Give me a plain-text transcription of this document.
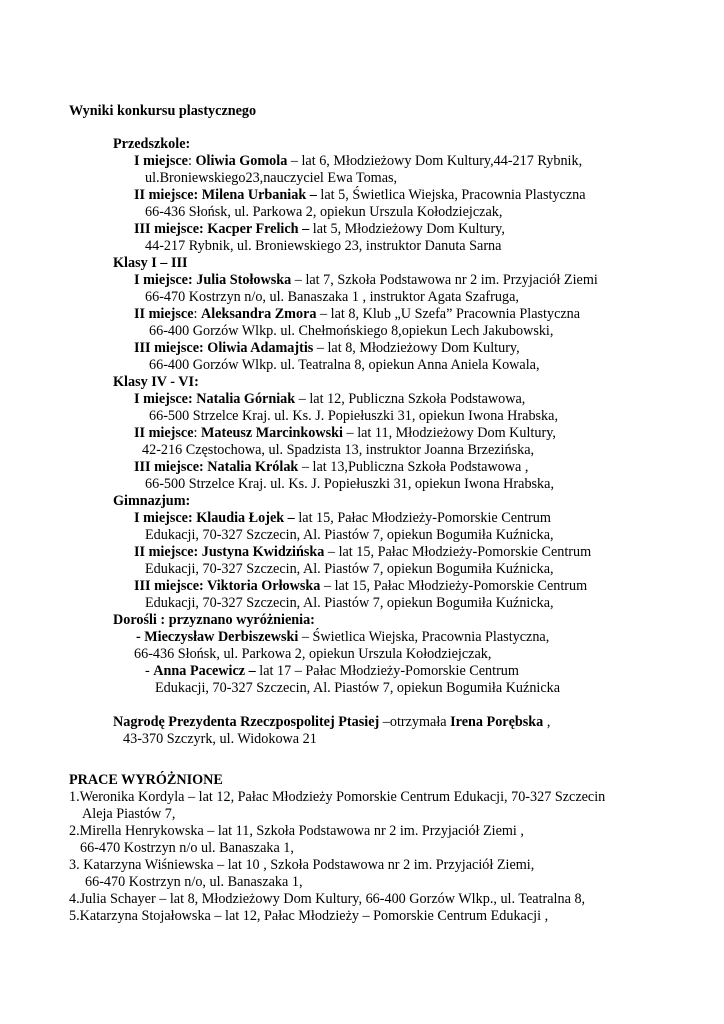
Wyniki konkursu plastycznego
Przedszkole:
I miejsce: Oliwia Gomola – lat 6, Młodzieżowy Dom Kultury,44-217 Rybnik,
ul.Broniewskiego23,nauczyciel Ewa Tomas,
II miejsce: Milena Urbaniak – lat 5, Świetlica Wiejska, Pracownia Plastyczna
66-436 Słońsk, ul. Parkowa 2, opiekun Urszula Kołodziejczak,
III miejsce: Kacper Frelich – lat 5, Młodzieżowy Dom Kultury,
44-217 Rybnik, ul. Broniewskiego 23, instruktor Danuta Sarna
Klasy I – III
I miejsce: Julia Stołowska – lat 7, Szkoła Podstawowa nr 2 im. Przyjaciół Ziemi
66-470 Kostrzyn n/o, ul. Banaszaka 1 , instruktor Agata Szafruga,
II miejsce: Aleksandra Zmora – lat 8, Klub „U Szefa” Pracownia Plastyczna
66-400 Gorzów Wlkp. ul. Chełmońskiego 8,opiekun Lech Jakubowski,
III miejsce: Oliwia Adamajtis – lat 8, Młodzieżowy Dom Kultury,
66-400 Gorzów Wlkp. ul. Teatralna 8, opiekun Anna Aniela Kowala,
Klasy IV - VI:
I miejsce: Natalia Górniak – lat 12, Publiczna Szkoła Podstawowa,
66-500 Strzelce Kraj. ul. Ks. J. Popiełuszki 31, opiekun Iwona Hrabska,
II miejsce: Mateusz Marcinkowski – lat 11, Młodzieżowy Dom Kultury,
42-216 Częstochowa, ul. Spadzista 13, instruktor Joanna Brzezińska,
III miejsce: Natalia Królak – lat 13,Publiczna Szkoła Podstawowa ,
66-500 Strzelce Kraj. ul. Ks. J. Popiełuszki 31, opiekun Iwona Hrabska,
Gimnazjum:
I miejsce: Klaudia Łojek – lat 15, Pałac Młodzieży-Pomorskie Centrum
Edukacji, 70-327 Szczecin, Al. Piastów 7, opiekun Bogumiła Kuźnicka,
II miejsce: Justyna Kwidzińska – lat 15, Pałac Młodzieży-Pomorskie Centrum
Edukacji, 70-327 Szczecin, Al. Piastów 7, opiekun Bogumiła Kuźnicka,
III miejsce: Viktoria Orłowska – lat 15, Pałac Młodzieży-Pomorskie Centrum
Edukacji, 70-327 Szczecin, Al. Piastów 7, opiekun Bogumiła Kuźnicka,
Dorośli : przyznano wyróżnienia:
- Mieczysław Derbiszewski – Świetlica Wiejska, Pracownia Plastyczna,
66-436 Słońsk, ul. Parkowa 2, opiekun Urszula Kołodziejczak,
- Anna Pacewicz – lat 17 – Pałac Młodzieży-Pomorskie Centrum
Edukacji, 70-327 Szczecin, Al. Piastów 7, opiekun Bogumiła Kuźnicka
Nagrodę Prezydenta Rzeczpospolitej Ptasiej –otrzymała Irena Porębska ,
43-370 Szczyrk, ul. Widokowa 21
PRACE WYRÓŻNIONE
1.Weronika Kordyla – lat 12, Pałac Młodzieży Pomorskie Centrum Edukacji, 70-327 Szczecin
Aleja Piastów 7,
2.Mirella Henrykowska – lat 11, Szkoła Podstawowa nr 2 im. Przyjaciół Ziemi ,
66-470 Kostrzyn n/o ul. Banaszaka 1,
3. Katarzyna Wiśniewska – lat 10 , Szkoła Podstawowa nr 2 im. Przyjaciół Ziemi,
66-470 Kostrzyn n/o, ul. Banaszaka 1,
4.Julia Schayer – lat 8, Młodzieżowy Dom Kultury, 66-400 Gorzów Wlkp., ul. Teatralna 8,
5.Katarzyna Stojałowska – lat 12, Pałac Młodzieży – Pomorskie Centrum Edukacji ,
